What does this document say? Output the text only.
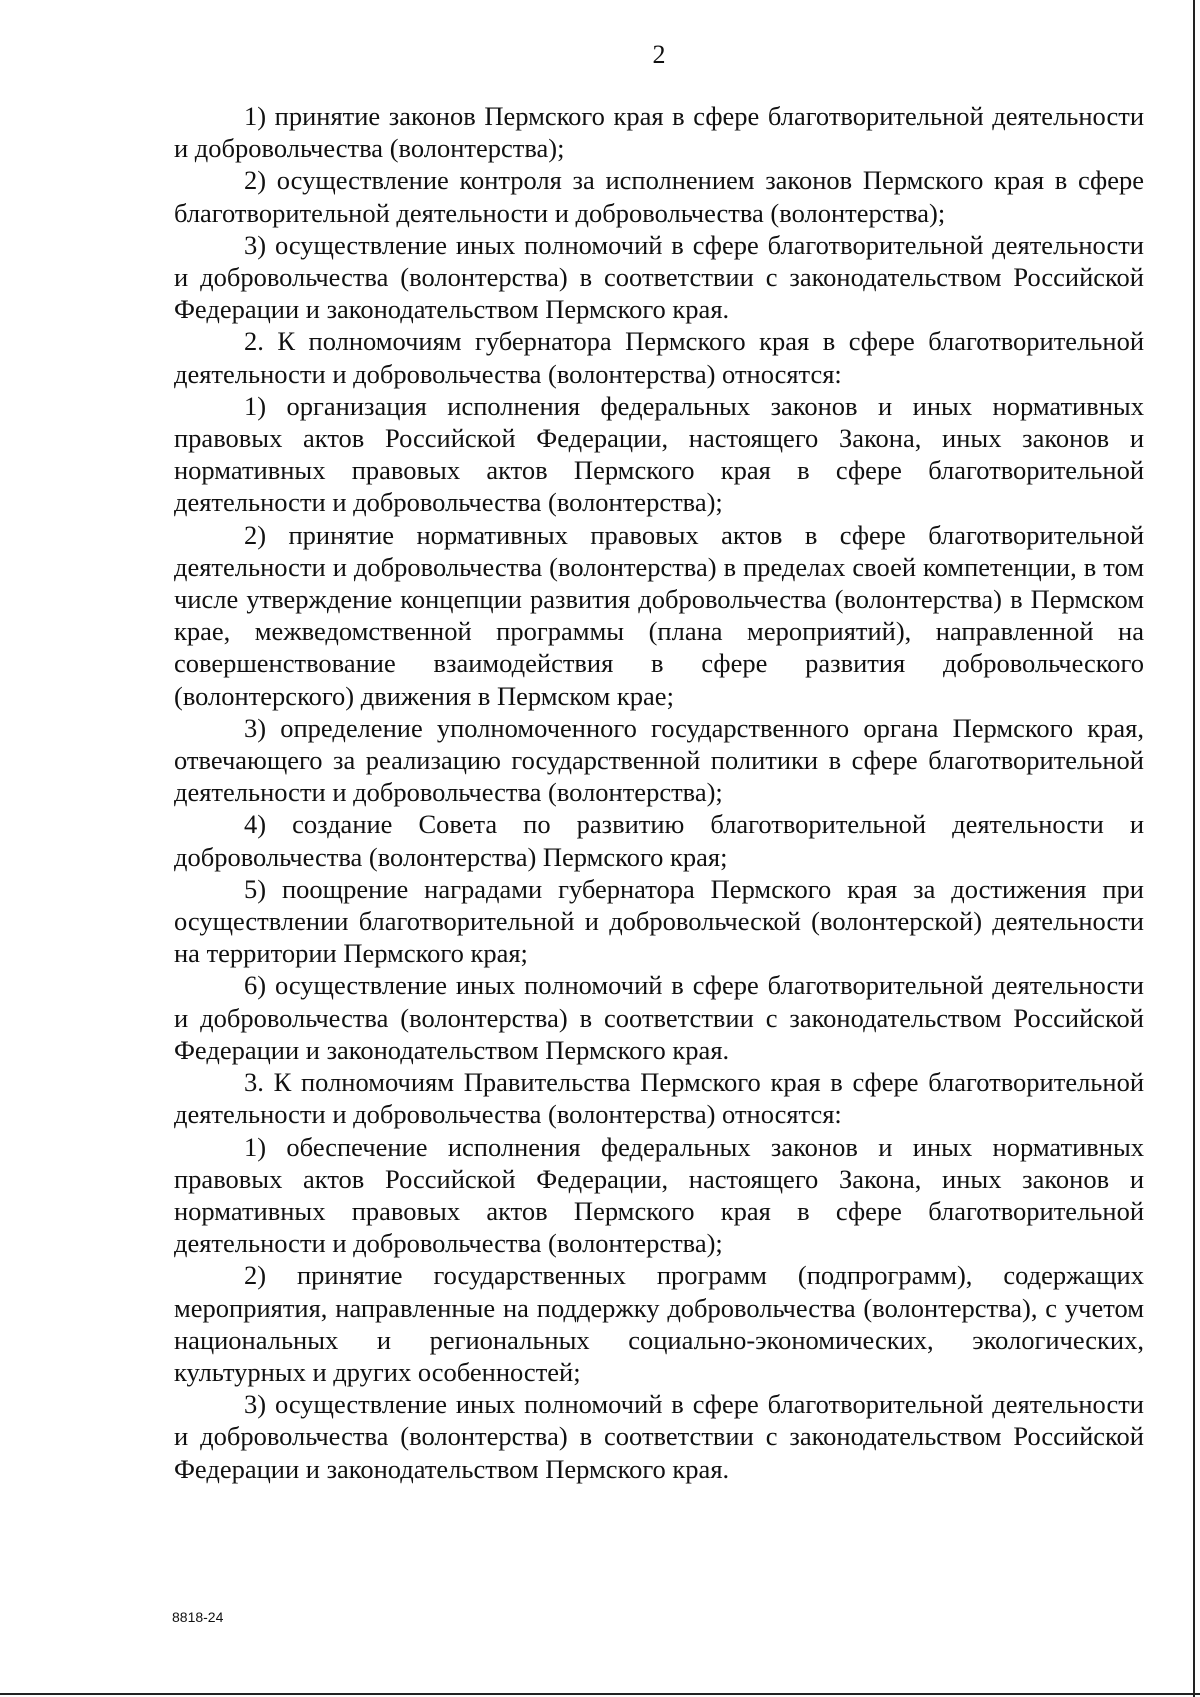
2

1) принятие законов Пермского края в сфере благотворительной деятельности и добровольчества (волонтерства);

2) осуществление контроля за исполнением законов Пермского края в сфере благотворительной деятельности и добровольчества (волонтерства);

3) осуществление иных полномочий в сфере благотворительной деятельности и добровольчества (волонтерства) в соответствии с законодательством Российской Федерации и законодательством Пермского края.

2. К полномочиям губернатора Пермского края в сфере благотворительной деятельности и добровольчества (волонтерства) относятся:

1) организация исполнения федеральных законов и иных нормативных правовых актов Российской Федерации, настоящего Закона, иных законов и нормативных правовых актов Пермского края в сфере благотворительной деятельности и добровольчества (волонтерства);

2) принятие нормативных правовых актов в сфере благотворительной деятельности и добровольчества (волонтерства) в пределах своей компетенции, в том числе утверждение концепции развития добровольчества (волонтерства) в Пермском крае, межведомственной программы (плана мероприятий), направленной на совершенствование взаимодействия в сфере развития добровольческого (волонтерского) движения в Пермском крае;

3) определение уполномоченного государственного органа Пермского края, отвечающего за реализацию государственной политики в сфере благотворительной деятельности и добровольчества (волонтерства);

4) создание Совета по развитию благотворительной деятельности и добровольчества (волонтерства) Пермского края;

5) поощрение наградами губернатора Пермского края за достижения при осуществлении благотворительной и добровольческой (волонтерской) деятельности на территории Пермского края;

6) осуществление иных полномочий в сфере благотворительной деятельности и добровольчества (волонтерства) в соответствии с законодательством Российской Федерации и законодательством Пермского края.

3. К полномочиям Правительства Пермского края в сфере благотворительной деятельности и добровольчества (волонтерства) относятся:

1) обеспечение исполнения федеральных законов и иных нормативных правовых актов Российской Федерации, настоящего Закона, иных законов и нормативных правовых актов Пермского края в сфере благотворительной деятельности и добровольчества (волонтерства);

2) принятие государственных программ (подпрограмм), содержащих мероприятия, направленные на поддержку добровольчества (волонтерства), с учетом национальных и региональных социально-экономических, экологических, культурных и других особенностей;

3) осуществление иных полномочий в сфере благотворительной деятельности и добровольчества (волонтерства) в соответствии с законодательством Российской Федерации и законодательством Пермского края.

8818-24
